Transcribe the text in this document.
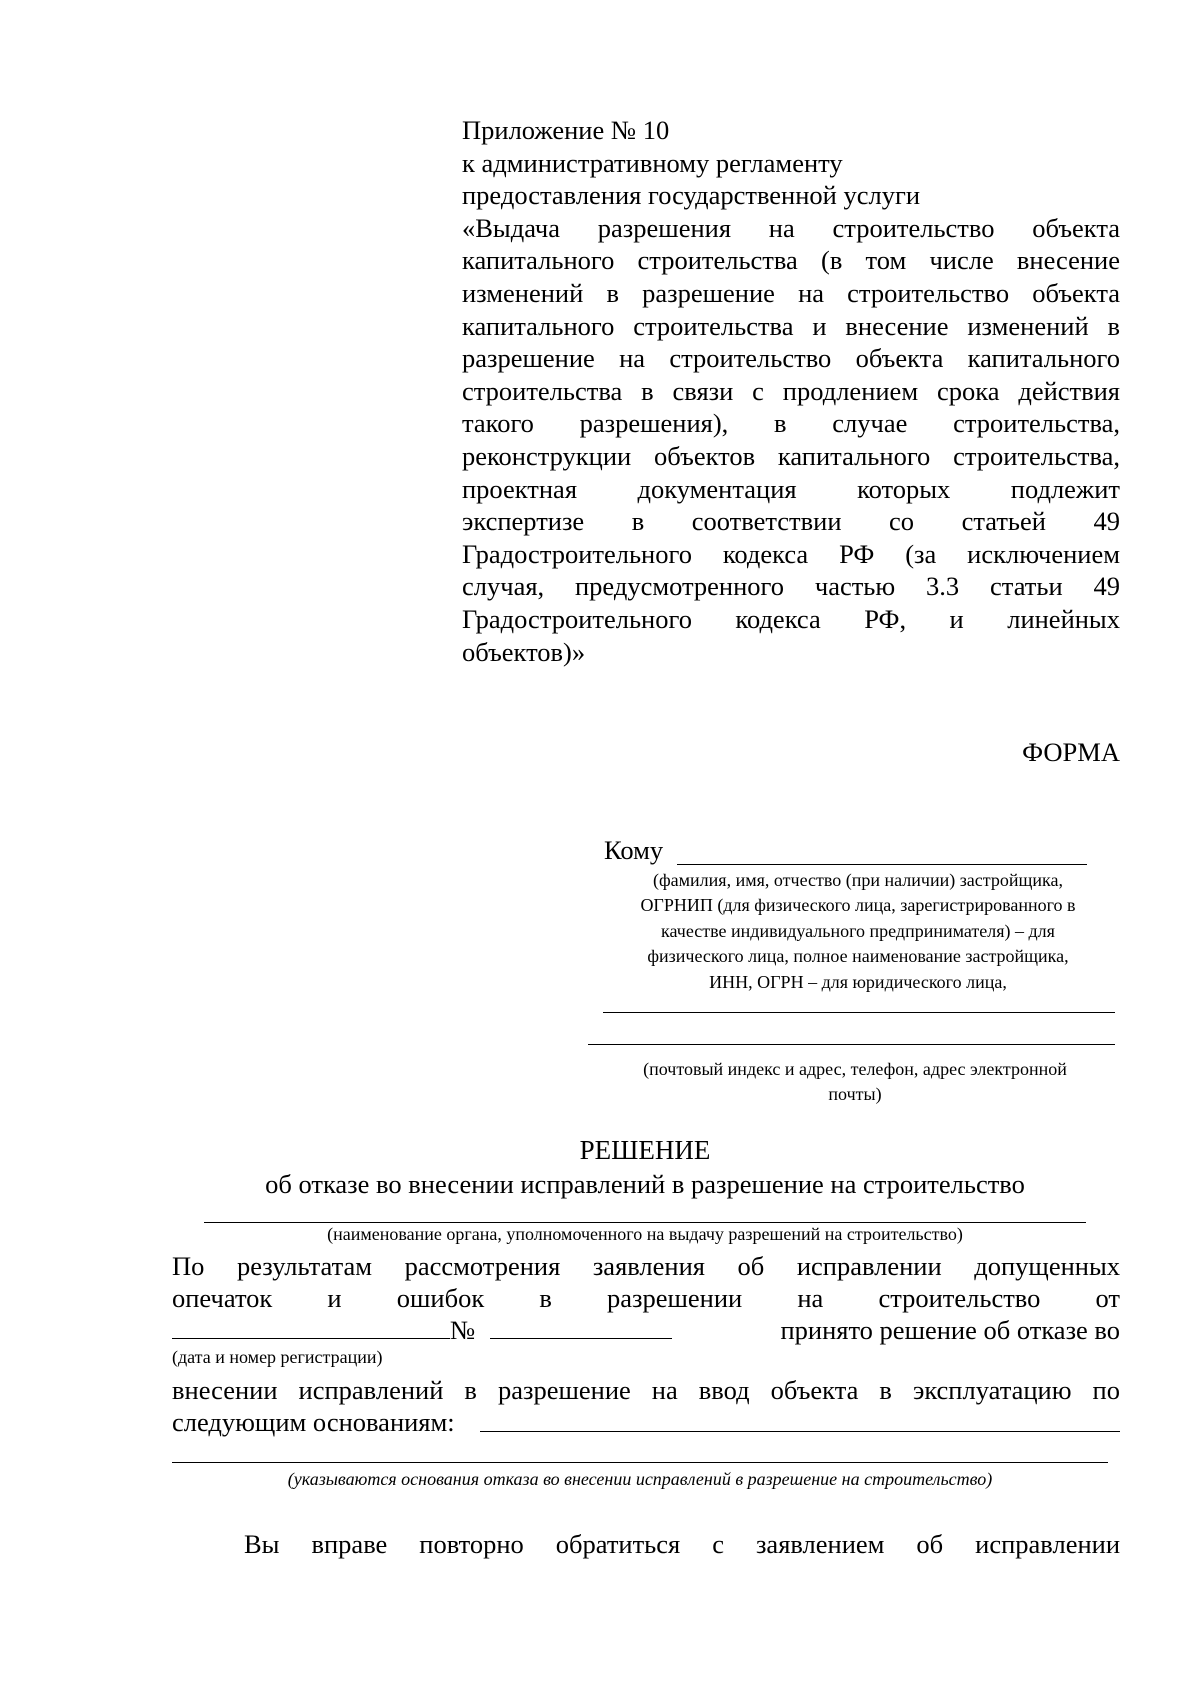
Приложение № 10
к административному регламенту
предоставления государственной услуги
«Выдача разрешения на строительство объекта
капитального строительства (в том числе внесение
изменений в разрешение на строительство объекта
капитального строительства и внесение изменений в
разрешение на строительство объекта капитального
строительства в связи с продлением срока действия
такого разрешения), в случае строительства,
реконструкции объектов капитального строительства,
проектная документация которых подлежит
экспертизе в соответствии со статьей 49
Градостроительного кодекса РФ (за исключением
случая, предусмотренного частью 3.3 статьи 49
Градостроительного кодекса РФ, и линейных
объектов)»
ФОРМА
Кому
(фамилия, имя, отчество (при наличии) застройщика,
ОГРНИП (для физического лица, зарегистрированного в
качестве индивидуального предпринимателя) – для
физического лица, полное наименование застройщика,
ИНН, ОГРН – для юридического лица,
(почтовый индекс и адрес, телефон, адрес электронной
почты)
РЕШЕНИЕ
об отказе во внесении исправлений в разрешение на строительство
(наименование органа, уполномоченного на выдачу разрешений на строительство)
По результатам рассмотрения заявления об исправлении допущенных
опечаток и ошибок в разрешении на строительство от
№	принято решение об отказе во
(дата и номер регистрации)
внесении исправлений в разрешение на ввод объекта в эксплуатацию по
следующим основаниям:
(указываются основания отказа во внесении исправлений в разрешение на строительство)
Вы вправе повторно обратиться с заявлением об исправлении
